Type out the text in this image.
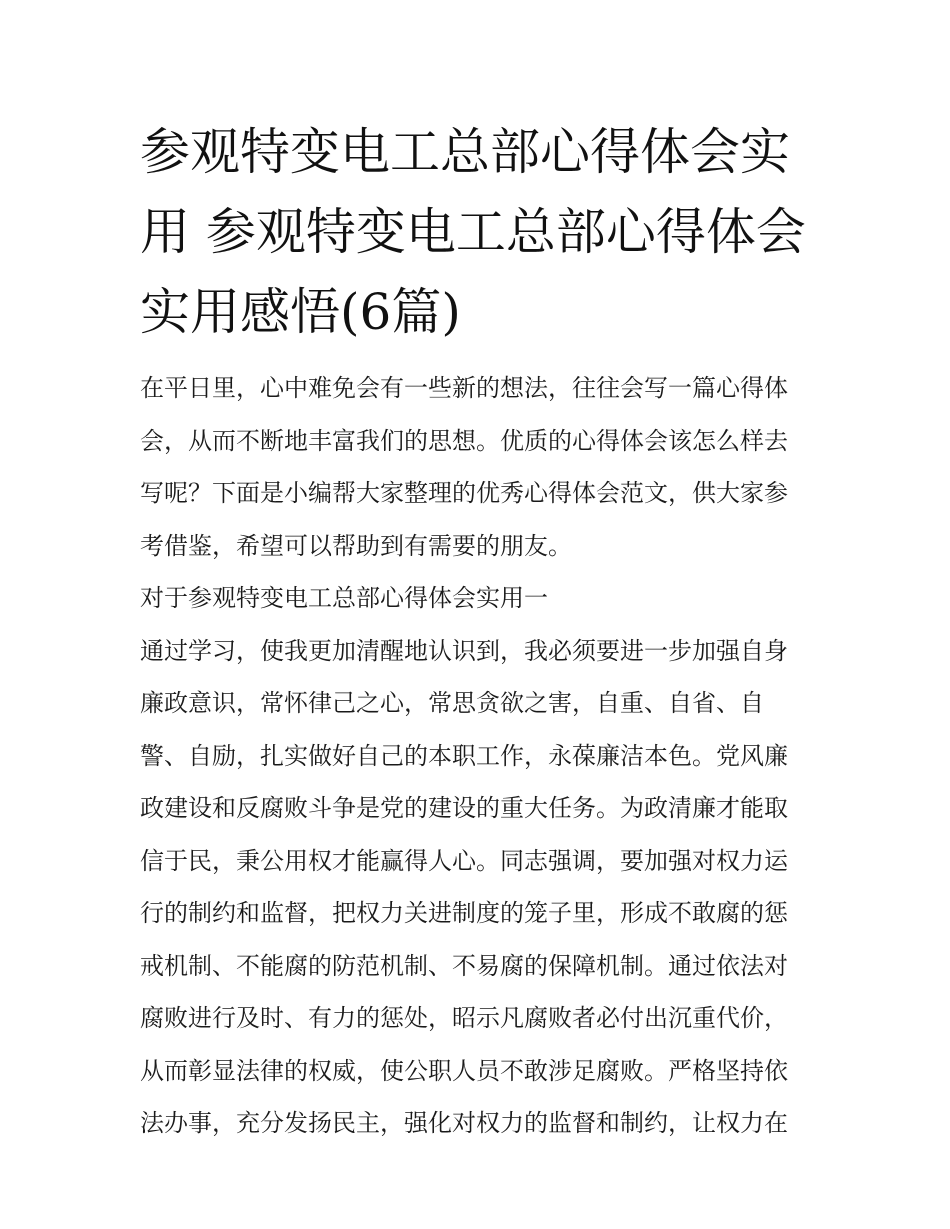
参观特变电工总部心得体会实
用 参观特变电工总部心得体会
实用感悟(6篇)
在平日里，心中难免会有一些新的想法，往往会写一篇心得体
会，从而不断地丰富我们的思想。优质的心得体会该怎么样去
写呢？下面是小编帮大家整理的优秀心得体会范文，供大家参
考借鉴，希望可以帮助到有需要的朋友。
对于参观特变电工总部心得体会实用一
通过学习，使我更加清醒地认识到，我必须要进一步加强自身
廉政意识，常怀律己之心，常思贪欲之害，自重、自省、自
警、自励，扎实做好自己的本职工作，永葆廉洁本色。党风廉
政建设和反腐败斗争是党的建设的重大任务。为政清廉才能取
信于民，秉公用权才能赢得人心。同志强调，要加强对权力运
行的制约和监督，把权力关进制度的笼子里，形成不敢腐的惩
戒机制、不能腐的防范机制、不易腐的保障机制。通过依法对
腐败进行及时、有力的惩处，昭示凡腐败者必付出沉重代价，
从而彰显法律的权威，使公职人员不敢涉足腐败。严格坚持依
法办事，充分发扬民主，强化对权力的监督和制约，让权力在
